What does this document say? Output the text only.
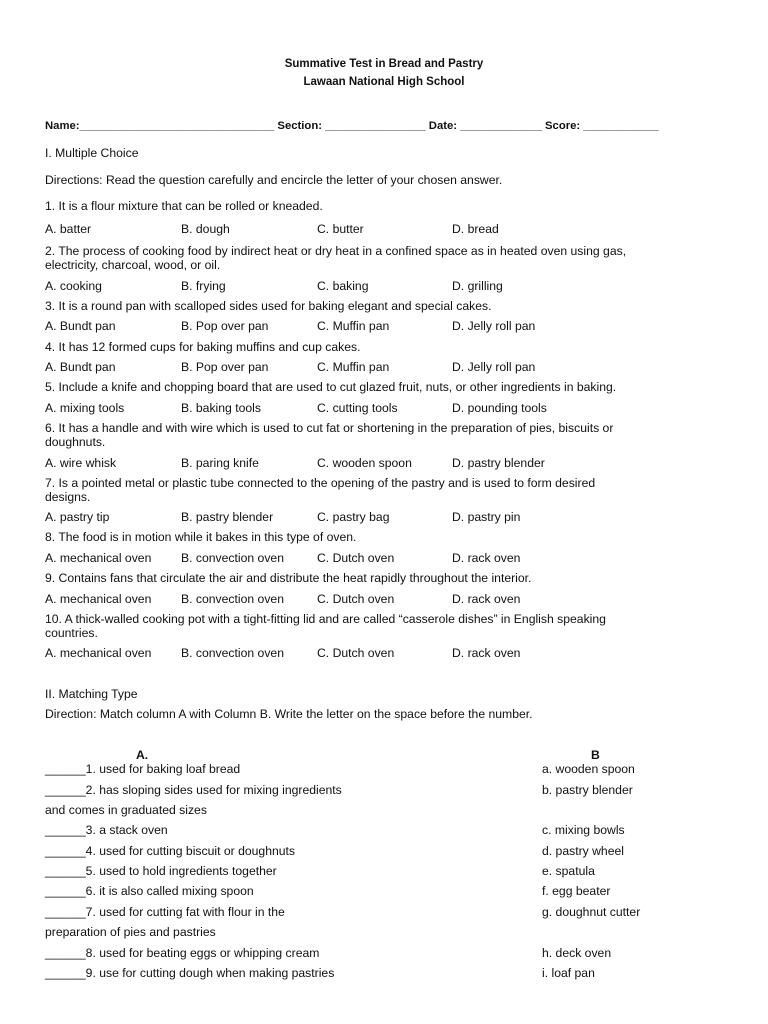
Summative Test in Bread and Pastry
Lawaan National High School
Name:_______________________________ Section: ________________ Date: _____________ Score: ____________
I. Multiple Choice
Directions: Read the question carefully and encircle the letter of your chosen answer.
1. It is a flour mixture that can be rolled or kneaded.
A. batter	B. dough	C. butter	D. bread
2. The process of cooking food by indirect heat or dry heat in a confined space as in heated oven using gas,
electricity, charcoal, wood, or oil.
A. cooking	B. frying	C. baking	D. grilling
3. It is a round pan with scalloped sides used for baking elegant and special cakes.
A. Bundt pan	B. Pop over pan	C. Muffin pan	D. Jelly roll pan
4. It has 12 formed cups for baking muffins and cup cakes.
A. Bundt pan	B. Pop over pan	C. Muffin pan	D. Jelly roll pan
5. Include a knife and chopping board that are used to cut glazed fruit, nuts, or other ingredients in baking.
A. mixing tools	B. baking tools	C. cutting tools	D. pounding tools
6. It has a handle and with wire which is used to cut fat or shortening in the preparation of pies, biscuits or
doughnuts.
A. wire whisk	B. paring knife	C. wooden spoon	D. pastry blender
7. Is a pointed metal or plastic tube connected to the opening of the pastry and is used to form desired
designs.
A. pastry tip	B. pastry blender	C. pastry bag	D. pastry pin
8. The food is in motion while it bakes in this type of oven.
A. mechanical oven B. convection oven	C. Dutch oven	D. rack oven
9. Contains fans that circulate the air and distribute the heat rapidly throughout the interior.
A. mechanical oven B. convection oven	C. Dutch oven	D. rack oven
10. A thick-walled cooking pot with a tight-fitting lid and are called “casserole dishes” in English speaking
countries.
A. mechanical oven B. convection oven	C. Dutch oven	D. rack oven
II. Matching Type
Direction: Match column A with Column B. Write the letter on the space before the number.
A.	B
______1. used for baking loaf bread	a. wooden spoon
______2. has sloping sides used for mixing ingredients	b. pastry blender
and comes in graduated sizes
______3. a stack oven	c. mixing bowls
______4. used for cutting biscuit or doughnuts	d. pastry wheel
______5. used to hold ingredients together	e. spatula
______6. it is also called mixing spoon	f. egg beater
______7. used for cutting fat with flour in the	g. doughnut cutter
preparation of pies and pastries
______8. used for beating eggs or whipping cream	h. deck oven
______9. use for cutting dough when making pastries	i. loaf pan
